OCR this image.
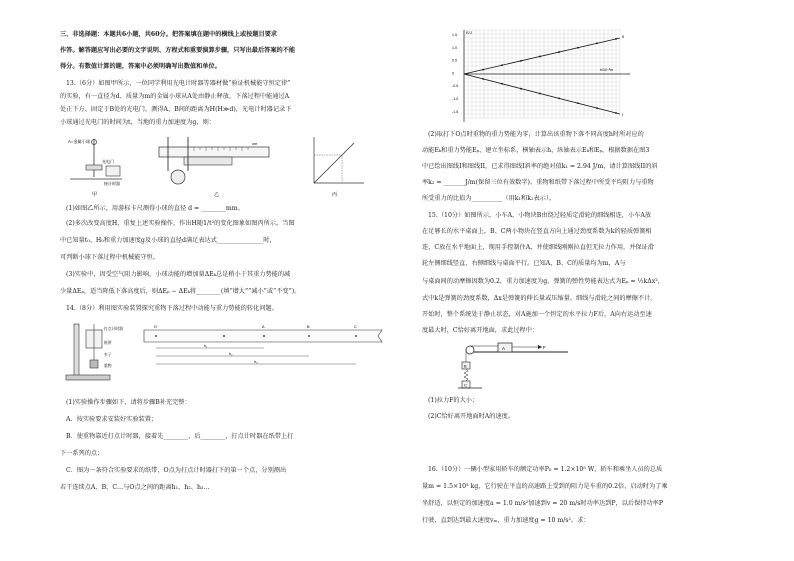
三、非选择题：本题共6小题，共60分。把答案填在题中的横线上或按题目要求
作答。解答题应写出必要的文字说明、方程式和重要演算步骤，只写出最后答案的不能
得分。有数值计算的题，答案中必须明确写出数值和单位。
13.（6分）如图甲所示，一位同学利用光电计时器等器材做“验证机械能守恒定律”
的实验，有一直径为d、质量为m的金属小球从A处由静止释放，下落过程中能通过A
处正下方、固定于B处的光电门，测得A、B间的距离为H(H≫d)，光电计时器记录下
小球通过光电门的时间为t，当地的重力加速度为g，则：
A○金属小球
光电门
接计时器
甲
cm
乙	丙
(1)如图乙所示，用游标卡尺测得小球的直径 d = ________mm。
(2)多次改变高度H，重复上述实验操作，作出H随1/t²的变化图象如图丙所示，当图
中已知量t₀、H₀和重力加速度g及小球的直径d满足表达式_______________时，
可判断小球下落过程中机械能守恒。
(3)实验中，因受空气阻力影响，小球动能的增加量ΔEₖ总是稍小于其重力势能的减
少量ΔEₚ，适当降低下落高度后，则ΔEₚ − ΔEₖ将________(填“增大”“减小”或“不变”)。
14.（8分）利用图实验装置探究重物下落过程中动能与重力势能的转化问题。
打点计时器
纸带
夹子
重物
O	A	B	C
h₁
h₂
h₃
(1)实验操作步骤如下，请将步骤B补充完整：
A．按实验要求安装好实验装置；
B．使重物靠近打点计时器，接着先________，后________，打点计时器在纸带上打
下一系列的点；
C．图为一条符合实验要求的纸带，O点为打点计时器打下的第一个点，分别测出
若干连续点A、B、C…与O点之间的距离h₁、h₂、h₃…
E/J
h/10⁻²m
1.5
1.0
0.5
0
-0.5
-1.0
-1.5
II
I
(2)取打下O点时重物的重力势能为零，计算出该重物下落不同高度h时所对应的
动能Eₖ和重力势能Eₚ，建立坐标系，横轴表示h，纵轴表示Eₖ和Eₚ，根据数据在图3
中已绘出图线I和图线II，已求得图线I斜率的绝对值k₁ = 2.94 J/m，请计算图线II的斜
率k₂ = _______J/m(保留三位有效数字)。重物和纸带下落过程中所受平均阻力与重物
所受重力的比值为__________（用k₁和k₂表示）。
15.（10分）如图所示，小车A、小物块B由绕过轻质定滑轮的细线相连，小车A放
在足够长的水平桌面上，B、C两小物块在竖直方向上通过劲度系数为k的轻质弹簧相
连，C放在水平地面上，现用手控制住A，并使细线刚刚拉直但无拉力作用，并保证滑
轮左侧细线竖直、右侧细线与桌面平行。已知A、B、C的质量均为m，A与
与桌面间的动摩擦因数为0.2，重力加速度为g，弹簧的弹性势能表达式为Eₚ = ½kΔx²，
式中k是弹簧的劲度系数，Δx是弹簧的伸长量或压缩量。细线与滑轮之间的摩擦不计。
开始时，整个系统处于静止状态，对A施加一个恒定的水平拉力F后，A向右运动至速
度最大时，C恰好离开地面，求此过程中：
F
A
B
C
(1)拉力F的大小；
(2)C恰好离开地面时A的速度。
16.（10分）一辆小型家用轿车的额定功率P₀ = 1.2×10⁵ W，轿车和乘坐人员的总质
量m = 1.5×10³ kg，它行驶在平直的高速路上受到的阻力是车重的0.2倍，启动时为了乘
坐舒适，以恒定的加速度a = 1.0 m/s²加速到v = 20 m/s时功率达到P，以后保持功率P
行驶，直到达到最大速度vₘ，重力加速度g = 10 m/s²。求：
